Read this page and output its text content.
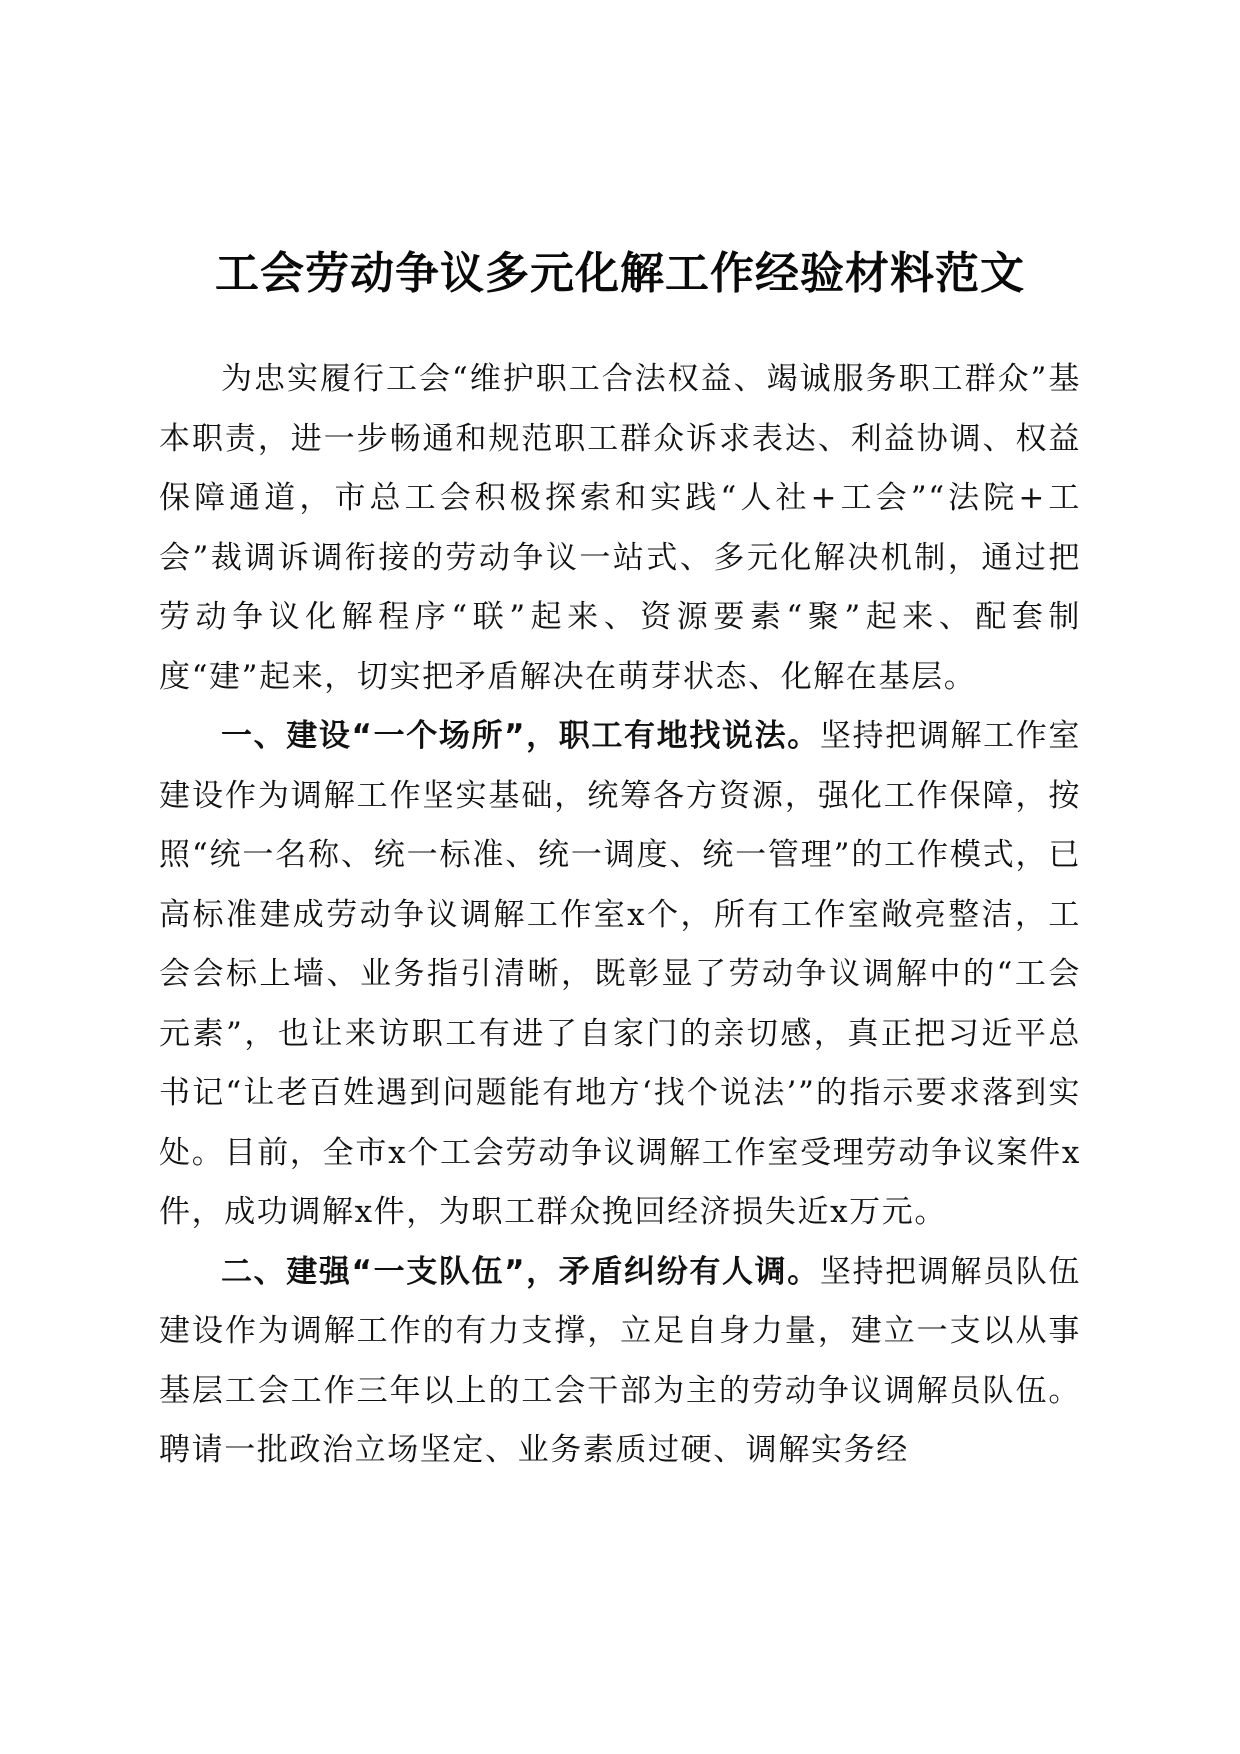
工会劳动争议多元化解工作经验材料范文

为忠实履行工会“维护职工合法权益、竭诚服务职工群众”基本职责，进一步畅通和规范职工群众诉求表达、利益协调、权益保障通道，市总工会积极探索和实践“人社+工会”“法院+工会”裁调诉调衔接的劳动争议一站式、多元化解决机制，通过把劳动争议化解程序“联”起来、资源要素“聚”起来、配套制度“建”起来，切实把矛盾解决在萌芽状态、化解在基层。

一、建设“一个场所”，职工有地找说法。坚持把调解工作室建设作为调解工作坚实基础，统筹各方资源，强化工作保障，按照“统一名称、统一标准、统一调度、统一管理”的工作模式，已高标准建成劳动争议调解工作室x个，所有工作室敞亮整洁，工会会标上墙、业务指引清晰，既彰显了劳动争议调解中的“工会元素”，也让来访职工有进了自家门的亲切感，真正把习近平总书记“让老百姓遇到问题能有地方‘找个说法’”的指示要求落到实处。目前，全市x个工会劳动争议调解工作室受理劳动争议案件x件，成功调解x件，为职工群众挽回经济损失近x万元。

二、建强“一支队伍”，矛盾纠纷有人调。坚持把调解员队伍建设作为调解工作的有力支撑，立足自身力量，建立一支以从事基层工会工作三年以上的工会干部为主的劳动争议调解员队伍。聘请一批政治立场坚定、业务素质过硬、调解实务经
